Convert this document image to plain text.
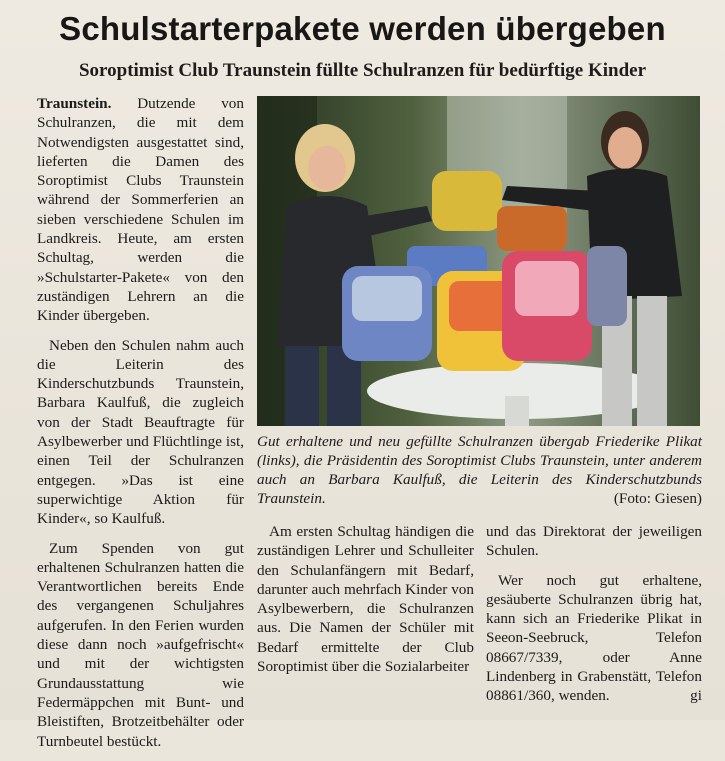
Schulstarterpakete werden übergeben
Soroptimist Club Traunstein füllte Schulranzen für bedürftige Kinder

Traunstein. Dutzende von Schulranzen, die mit dem Notwendigsten ausgestattet sind, lieferten die Damen des Soroptimist Clubs Traunstein während der Sommerferien an sieben verschiedene Schulen im Landkreis. Heute, am ersten Schultag, werden die »Schulstarter-Pakete« von den zuständigen Lehrern an die Kinder übergeben.

Neben den Schulen nahm auch die Leiterin des Kinderschutzbunds Traunstein, Barbara Kaulfuß, die zugleich von der Stadt Beauftragte für Asylbewerber und Flüchtlinge ist, einen Teil der Schulranzen entgegen. »Das ist eine superwichtige Aktion für Kinder«, so Kaulfuß.

Zum Spenden von gut erhaltenen Schulranzen hatten die Verantwortlichen bereits Ende des vergangenen Schuljahres aufgerufen. In den Ferien wurden diese dann noch »aufgefrischt« und mit der wichtigsten Grundausstattung wie Federmäppchen mit Bunt- und Bleistiften, Brotzeitbehälter oder Turnbeutel bestückt.

Gut erhaltene und neu gefüllte Schulranzen übergab Friederike Plikat (links), die Präsidentin des Soroptimist Clubs Traunstein, unter anderem auch an Barbara Kaulfuß, die Leiterin des Kinderschutzbunds Traunstein.	(Foto: Giesen)

Am ersten Schultag händigen die zuständigen Lehrer und Schulleiter den Schulanfängern mit Bedarf, darunter auch mehrfach Kinder von Asylbewerbern, die Schulranzen aus. Die Namen der Schüler mit Bedarf ermittelte der Club Soroptimist über die Sozialarbeiter

und das Direktorat der jeweiligen Schulen.

Wer noch gut erhaltene, gesäuberte Schulranzen übrig hat, kann sich an Friederike Plikat in Seeon-Seebruck, Telefon 08667/7339, oder Anne Lindenberg in Grabenstätt, Telefon 08861/360, wenden.	gi
